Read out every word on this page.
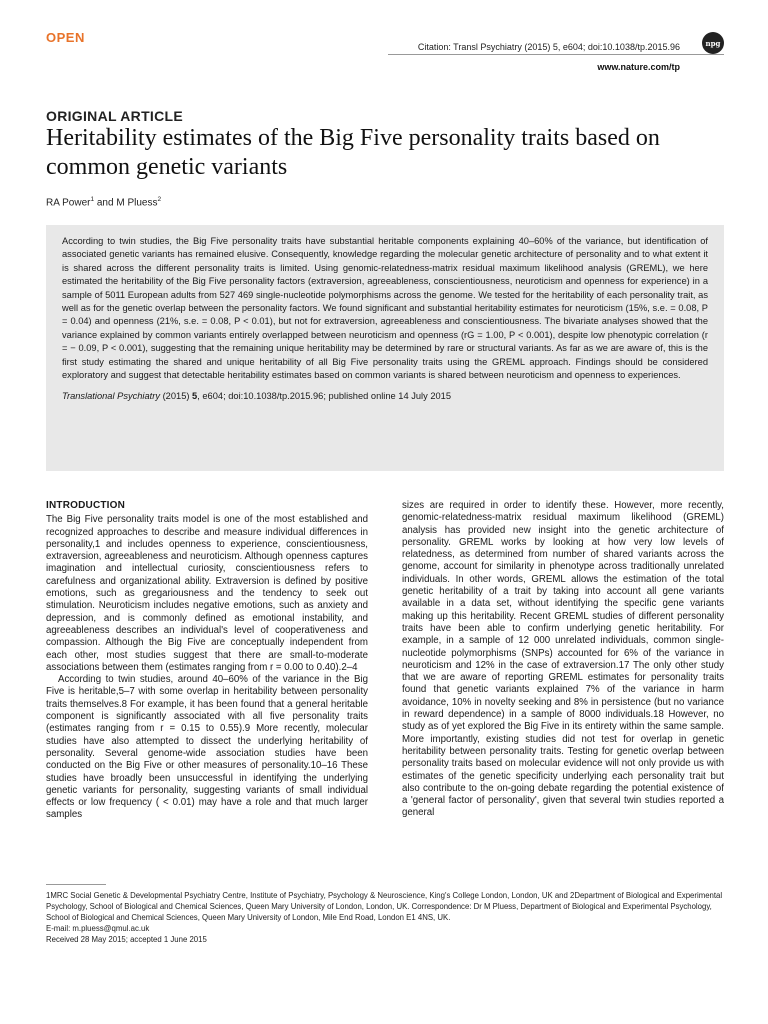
OPEN
Citation: Transl Psychiatry (2015) 5, e604; doi:10.1038/tp.2015.96	npg
www.nature.com/tp
ORIGINAL ARTICLE
Heritability estimates of the Big Five personality traits based on common genetic variants
RA Power$^1$ and M Pluess$^2$

According to twin studies, the Big Five personality traits have substantial heritable components explaining 40–60% of the variance, but identification of associated genetic variants has remained elusive. Consequently, knowledge regarding the molecular genetic architecture of personality and to what extent it is shared across the different personality traits is limited. Using genomic-relatedness-matrix residual maximum likelihood analysis (GREML), we here estimated the heritability of the Big Five personality factors (extraversion, agreeableness, conscientiousness, neuroticism and openness for experience) in a sample of 5011 European adults from 527 469 single-nucleotide polymorphisms across the genome. We tested for the heritability of each personality trait, as well as for the genetic overlap between the personality factors. We found significant and substantial heritability estimates for neuroticism (15%, s.e. = 0.08, P = 0.04) and openness (21%, s.e. = 0.08, P < 0.01), but not for extraversion, agreeableness and conscientiousness. The bivariate analyses showed that the variance explained by common variants entirely overlapped between neuroticism and openness (rG = 1.00, P < 0.001), despite low phenotypic correlation (r = − 0.09, P < 0.001), suggesting that the remaining unique heritability may be determined by rare or structural variants. As far as we are aware of, this is the first study estimating the shared and unique heritability of all Big Five personality traits using the GREML approach. Findings should be considered exploratory and suggest that detectable heritability estimates based on common variants is shared between neuroticism and openness to experiences.

Translational Psychiatry (2015) 5, e604; doi:10.1038/tp.2015.96; published online 14 July 2015

INTRODUCTION

The Big Five personality traits model is one of the most established and recognized approaches to describe and measure individual differences in personality,1 and includes openness to experience, conscientiousness, extraversion, agreeableness and neuroticism. Although openness captures imagination and intellectual curiosity, conscientiousness refers to carefulness and organizational ability. Extraversion is defined by positive emotions, such as gregariousness and the tendency to seek out stimulation. Neuroticism includes negative emotions, such as anxiety and depression, and is commonly defined as emotional instability, and agreeableness describes an individual's level of cooperativeness and compassion. Although the Big Five are conceptually independent from each other, most studies suggest that there are small-to-moderate associations between them (estimates ranging from r = 0.00 to 0.40).2–4

According to twin studies, around 40–60% of the variance in the Big Five is heritable,5–7 with some overlap in heritability between personality traits themselves.8 For example, it has been found that a general heritable component is significantly associated with all five personality traits (estimates ranging from r = 0.15 to 0.55).9 More recently, molecular studies have also attempted to dissect the underlying heritability of personality. Several genome-wide association studies have been conducted on the Big Five or other measures of personality.10–16 These studies have broadly been unsuccessful in identifying the underlying genetic variants for personality, suggesting variants of small individual effects or low frequency ( < 0.01) may have a role and that much larger samples

sizes are required in order to identify these. However, more recently, genomic-relatedness-matrix residual maximum likelihood (GREML) analysis has provided new insight into the genetic architecture of personality. GREML works by looking at how very low levels of relatedness, as determined from number of shared variants across the genome, account for similarity in phenotype across traditionally unrelated individuals. In other words, GREML allows the estimation of the total genetic heritability of a trait by taking into account all gene variants available in a data set, without identifying the specific gene variants making up this heritability. Recent GREML studies of different personality traits have been able to confirm underlying genetic heritability. For example, in a sample of 12 000 unrelated individuals, common single-nucleotide polymorphisms (SNPs) accounted for 6% of the variance in neuroticism and 12% in the case of extraversion.17 The only other study that we are aware of reporting GREML estimates for personality traits found that genetic variants explained 7% of the variance in harm avoidance, 10% in novelty seeking and 8% in persistence (but no variance in reward dependence) in a sample of 8000 individuals.18 However, no study as of yet explored the Big Five in its entirety within the same sample. More importantly, existing studies did not test for overlap in genetic heritability between personality traits. Testing for genetic overlap between personality traits based on molecular evidence will not only provide us with estimates of the genetic specificity underlying each personality trait but also contribute to the on-going debate regarding the potential existence of a 'general factor of personality', given that several twin studies reported a general

1MRC Social Genetic & Developmental Psychiatry Centre, Institute of Psychiatry, Psychology & Neuroscience, King's College London, London, UK and 2Department of Biological and Experimental Psychology, School of Biological and Chemical Sciences, Queen Mary University of London, London, UK. Correspondence: Dr M Pluess, Department of Biological and Experimental Psychology, School of Biological and Chemical Sciences, Queen Mary University of London, Mile End Road, London E1 4NS, UK.
E-mail: m.pluess@qmul.ac.uk
Received 28 May 2015; accepted 1 June 2015
